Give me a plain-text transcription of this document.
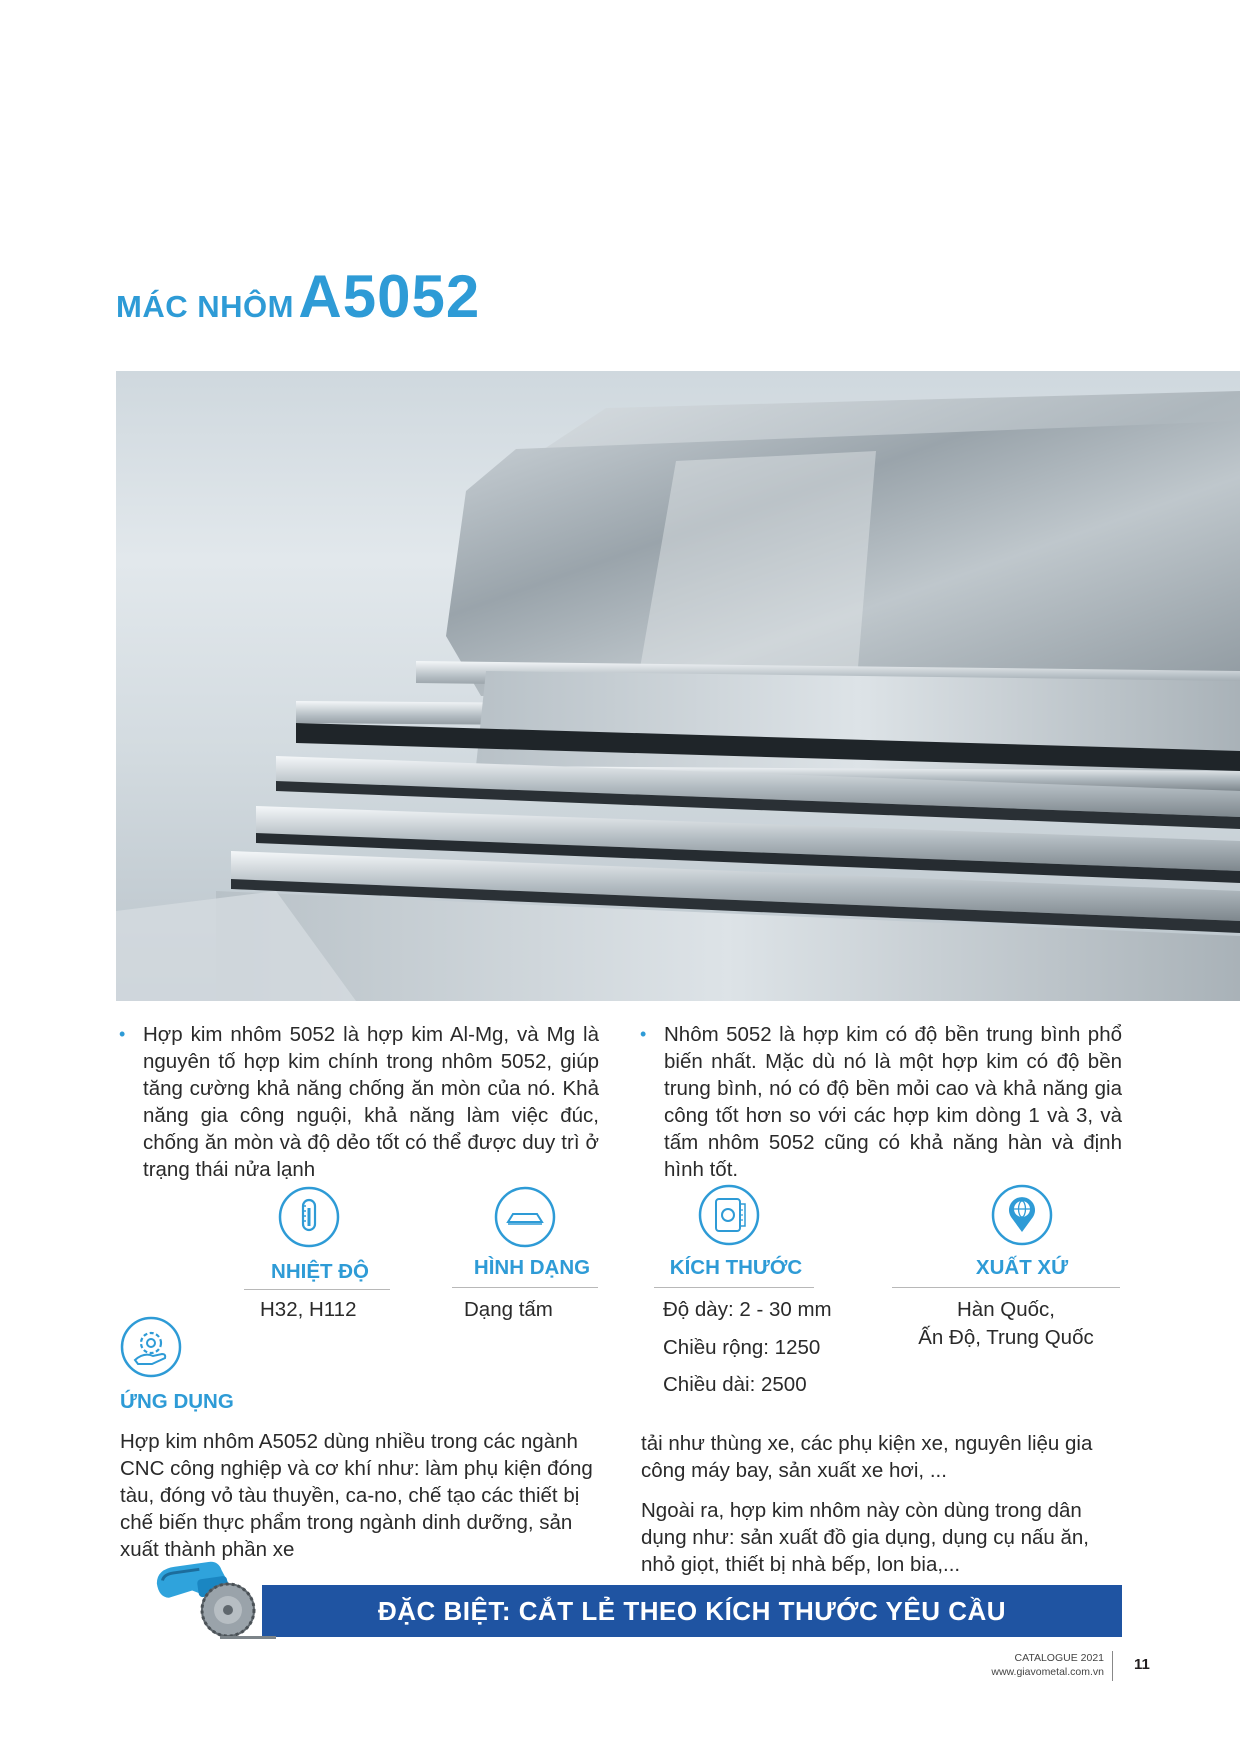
MÁC NHÔM A5052
• Hợp kim nhôm 5052 là hợp kim Al-Mg, và Mg là nguyên tố hợp kim chính trong nhôm 5052, giúp tăng cường khả năng chống ăn mòn của nó. Khả năng gia công nguội, khả năng làm việc đúc, chống ăn mòn và độ dẻo tốt có thể được duy trì ở trạng thái nửa lạnh
• Nhôm 5052 là hợp kim có độ bền trung bình phổ biến nhất. Mặc dù nó là một hợp kim có độ bền trung bình, nó có độ bền mỏi cao và khả năng gia công tốt hơn so với các hợp kim dòng 1 và 3, và tấm nhôm 5052 cũng có khả năng hàn và định hình tốt.
NHIỆT ĐỘ
H32, H112
HÌNH DẠNG
Dạng tấm
KÍCH THƯỚC
Độ dày: 2 - 30 mm
Chiều rộng: 1250
Chiều dài: 2500
XUẤT XỨ
Hàn Quốc,
Ấn Độ, Trung Quốc
ỨNG DỤNG
Hợp kim nhôm A5052 dùng nhiều trong các ngành CNC công nghiệp và cơ khí như: làm phụ kiện đóng tàu, đóng vỏ tàu thuyền, ca-no, chế tạo các thiết bị chế biến thực phẩm trong ngành dinh dưỡng, sản xuất thành phần xe

tải như thùng xe, các phụ kiện xe, nguyên liệu gia công máy bay, sản xuất xe hơi, ...

Ngoài ra, hợp kim nhôm này còn dùng trong dân dụng như: sản xuất đồ gia dụng, dụng cụ nấu ăn, nhỏ giọt, thiết bị nhà bếp, lon bia,...

ĐẶC BIỆT: CẮT LẺ THEO KÍCH THƯỚC YÊU CẦU
CATALOGUE 2021
www.giavometal.com.vn 11
